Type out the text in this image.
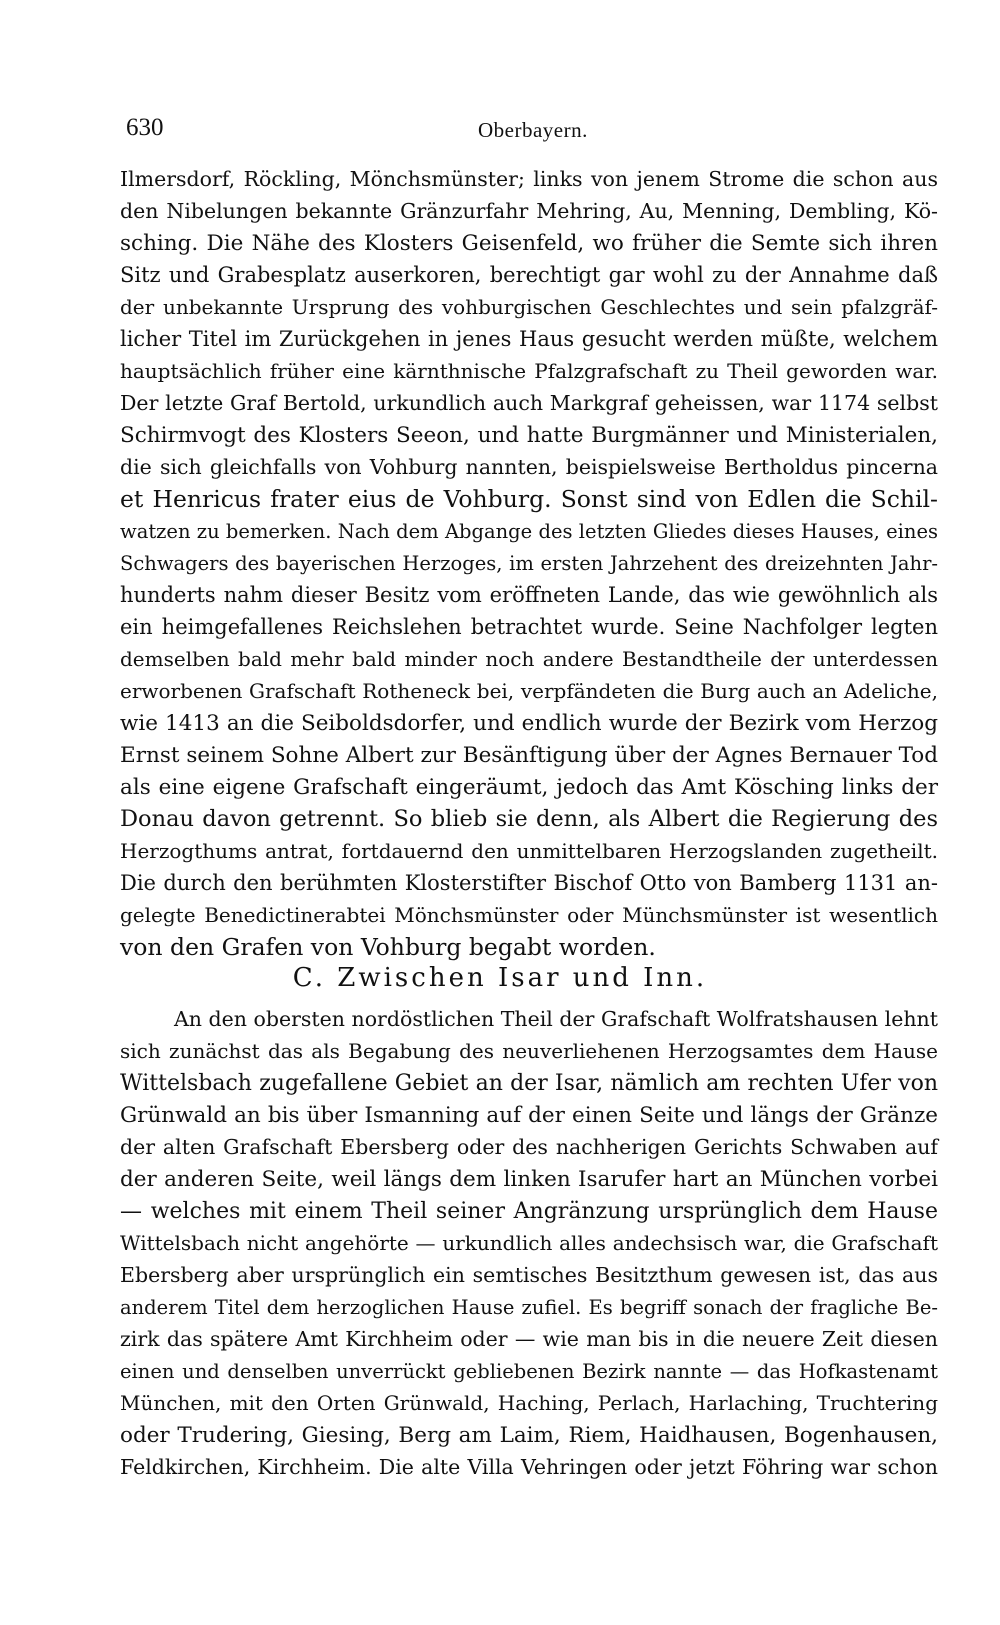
630	Oberbayern.
Ilmersdorf, Röckling, Mönchsmünster; links von jenem Strome die schon aus
den Nibelungen bekannte Gränzurfahr Mehring, Au, Menning, Dembling, Kö-
sching. Die Nähe des Klosters Geisenfeld, wo früher die Semte sich ihren
Sitz und Grabesplatz auserkoren, berechtigt gar wohl zu der Annahme daß
der unbekannte Ursprung des vohburgischen Geschlechtes und sein pfalzgräf-
licher Titel im Zurückgehen in jenes Haus gesucht werden müßte, welchem
hauptsächlich früher eine kärnthnische Pfalzgrafschaft zu Theil geworden war.
Der letzte Graf Bertold, urkundlich auch Markgraf geheissen, war 1174 selbst
Schirmvogt des Klosters Seeon, und hatte Burgmänner und Ministerialen,
die sich gleichfalls von Vohburg nannten, beispielsweise Bertholdus pincerna
et Henricus frater eius de Vohburg. Sonst sind von Edlen die Schil-
watzen zu bemerken. Nach dem Abgange des letzten Gliedes dieses Hauses, eines
Schwagers des bayerischen Herzoges, im ersten Jahrzehent des dreizehnten Jahr-
hunderts nahm dieser Besitz vom eröffneten Lande, das wie gewöhnlich als
ein heimgefallenes Reichslehen betrachtet wurde. Seine Nachfolger legten
demselben bald mehr bald minder noch andere Bestandtheile der unterdessen
erworbenen Grafschaft Rotheneck bei, verpfändeten die Burg auch an Adeliche,
wie 1413 an die Seiboldsdorfer, und endlich wurde der Bezirk vom Herzog
Ernst seinem Sohne Albert zur Besänftigung über der Agnes Bernauer Tod
als eine eigene Grafschaft eingeräumt, jedoch das Amt Kösching links der
Donau davon getrennt. So blieb sie denn, als Albert die Regierung des
Herzogthums antrat, fortdauernd den unmittelbaren Herzogslanden zugetheilt.
Die durch den berühmten Klosterstifter Bischof Otto von Bamberg 1131 an-
gelegte Benedictinerabtei Mönchsmünster oder Münchsmünster ist wesentlich
von den Grafen von Vohburg begabt worden.
C. Zwischen Isar und Inn.
An den obersten nordöstlichen Theil der Grafschaft Wolfratshausen lehnt
sich zunächst das als Begabung des neuverliehenen Herzogsamtes dem Hause
Wittelsbach zugefallene Gebiet an der Isar, nämlich am rechten Ufer von
Grünwald an bis über Ismanning auf der einen Seite und längs der Gränze
der alten Grafschaft Ebersberg oder des nachherigen Gerichts Schwaben auf
der anderen Seite, weil längs dem linken Isarufer hart an München vorbei
— welches mit einem Theil seiner Angränzung ursprünglich dem Hause
Wittelsbach nicht angehörte — urkundlich alles andechsisch war, die Grafschaft
Ebersberg aber ursprünglich ein semtisches Besitzthum gewesen ist, das aus
anderem Titel dem herzoglichen Hause zufiel. Es begriff sonach der fragliche Be-
zirk das spätere Amt Kirchheim oder — wie man bis in die neuere Zeit diesen
einen und denselben unverrückt gebliebenen Bezirk nannte — das Hofkastenamt
München, mit den Orten Grünwald, Haching, Perlach, Harlaching, Truchtering
oder Trudering, Giesing, Berg am Laim, Riem, Haidhausen, Bogenhausen,
Feldkirchen, Kirchheim. Die alte Villa Vehringen oder jetzt Föhring war schon
